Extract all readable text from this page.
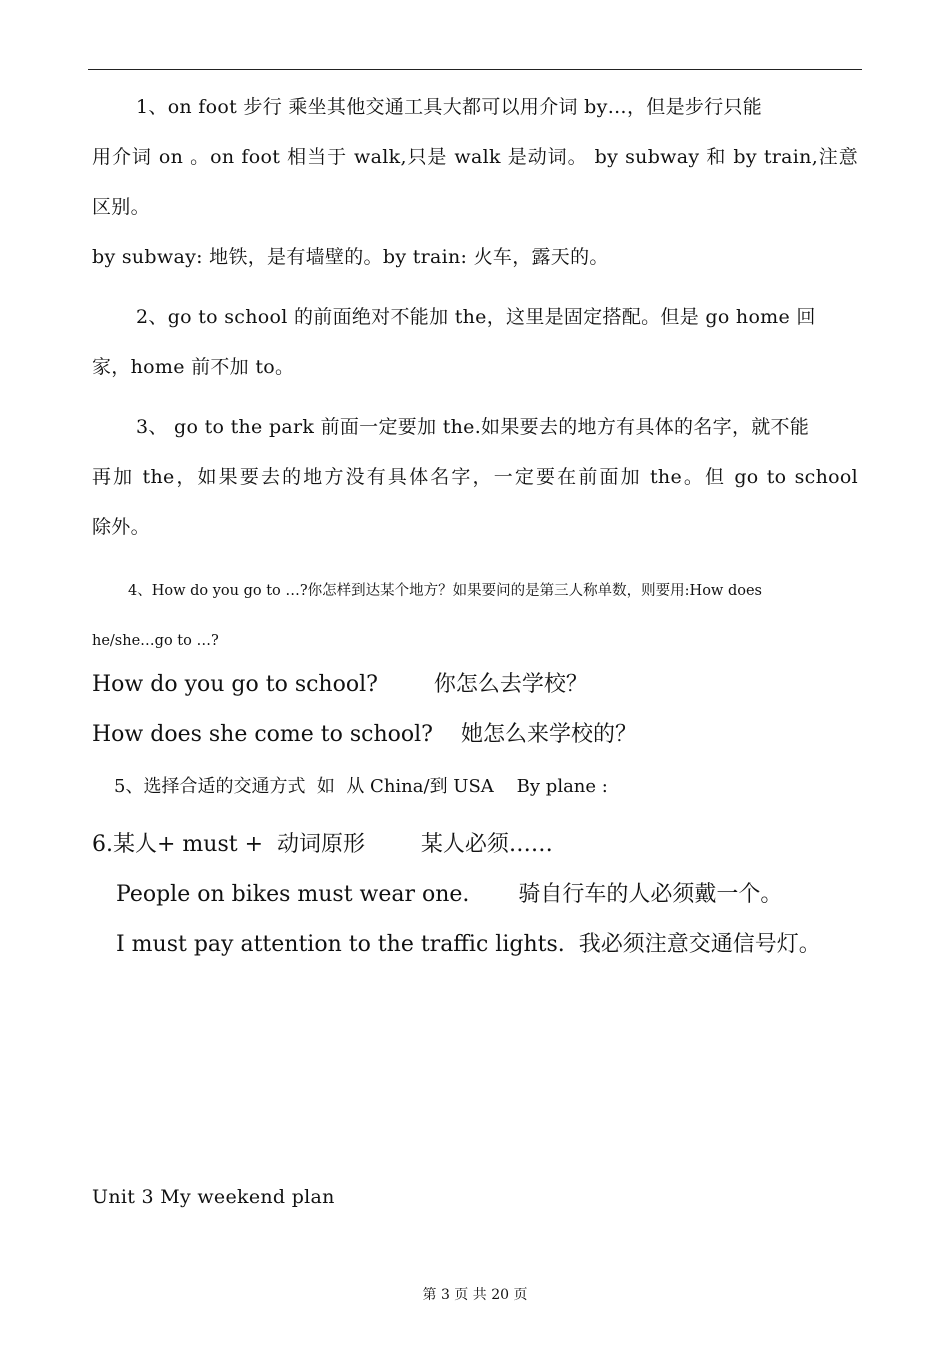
1、on foot 步行 乘坐其他交通工具大都可以用介词 by…，但是步行只能
用介词 on 。on foot 相当于 walk,只是 walk 是动词。 by subway 和 by train,注意
区别。
by subway: 地铁，是有墙壁的。by train: 火车，露天的。
2、go to school 的前面绝对不能加 the，这里是固定搭配。但是 go home 回
家，home 前不加 to。
3、 go to the park 前面一定要加 the.如果要去的地方有具体的名字，就不能
再加 the，如果要去的地方没有具体名字，一定要在前面加 the。但 go to school
除外。
4、How do you go to …?你怎样到达某个地方？如果要问的是第三人称单数，则要用:How does
he/she…go to …?
How do you go to school?        你怎么去学校？
How does she come to school?    她怎么来学校的？
5、选择合适的交通方式  如  从 China/到 USA    By plane :
6.某人+ must +  动词原形        某人必须……
People on bikes must wear one.       骑自行车的人必须戴一个。
I must pay attention to the traffic lights.  我必须注意交通信号灯。
Unit 3 My weekend plan
第 3 页 共 20 页
